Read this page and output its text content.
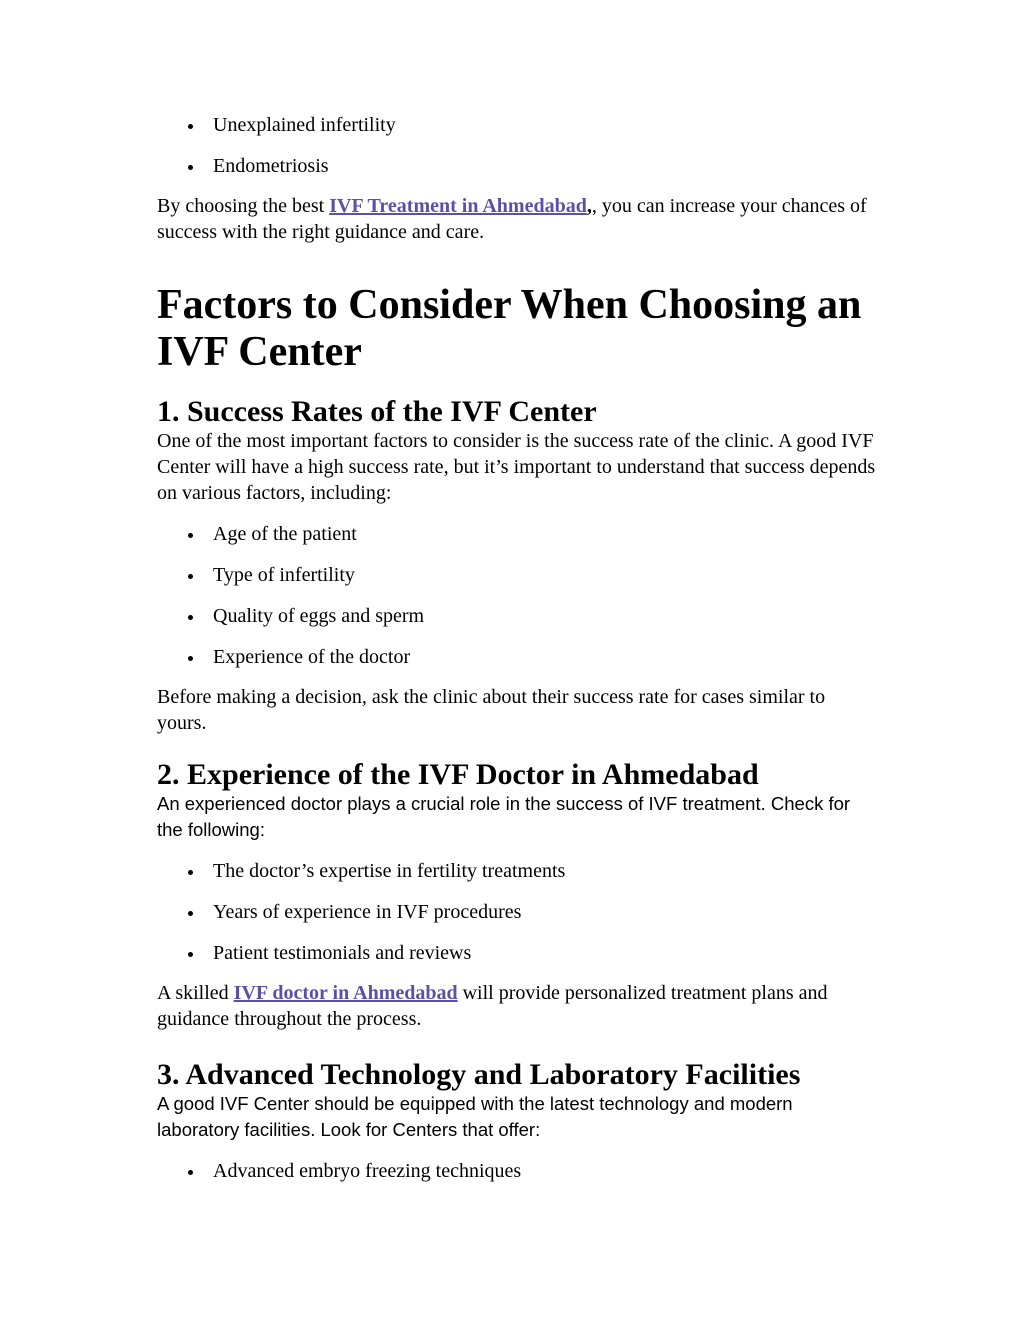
Unexplained infertility
Endometriosis

By choosing the best IVF Treatment in Ahmedabad,, you can increase your chances of success with the right guidance and care.

Factors to Consider When Choosing an IVF Center
1. Success Rates of the IVF Center

One of the most important factors to consider is the success rate of the clinic. A good IVF Center will have a high success rate, but it’s important to understand that success depends on various factors, including:

Age of the patient
Type of infertility
Quality of eggs and sperm
Experience of the doctor

Before making a decision, ask the clinic about their success rate for cases similar to yours.

2. Experience of the IVF Doctor in Ahmedabad

An experienced doctor plays a crucial role in the success of IVF treatment. Check for the following:

The doctor’s expertise in fertility treatments
Years of experience in IVF procedures
Patient testimonials and reviews

A skilled IVF doctor in Ahmedabad will provide personalized treatment plans and guidance throughout the process.

3. Advanced Technology and Laboratory Facilities

A good IVF Center should be equipped with the latest technology and modern laboratory facilities. Look for Centers that offer:

Advanced embryo freezing techniques
